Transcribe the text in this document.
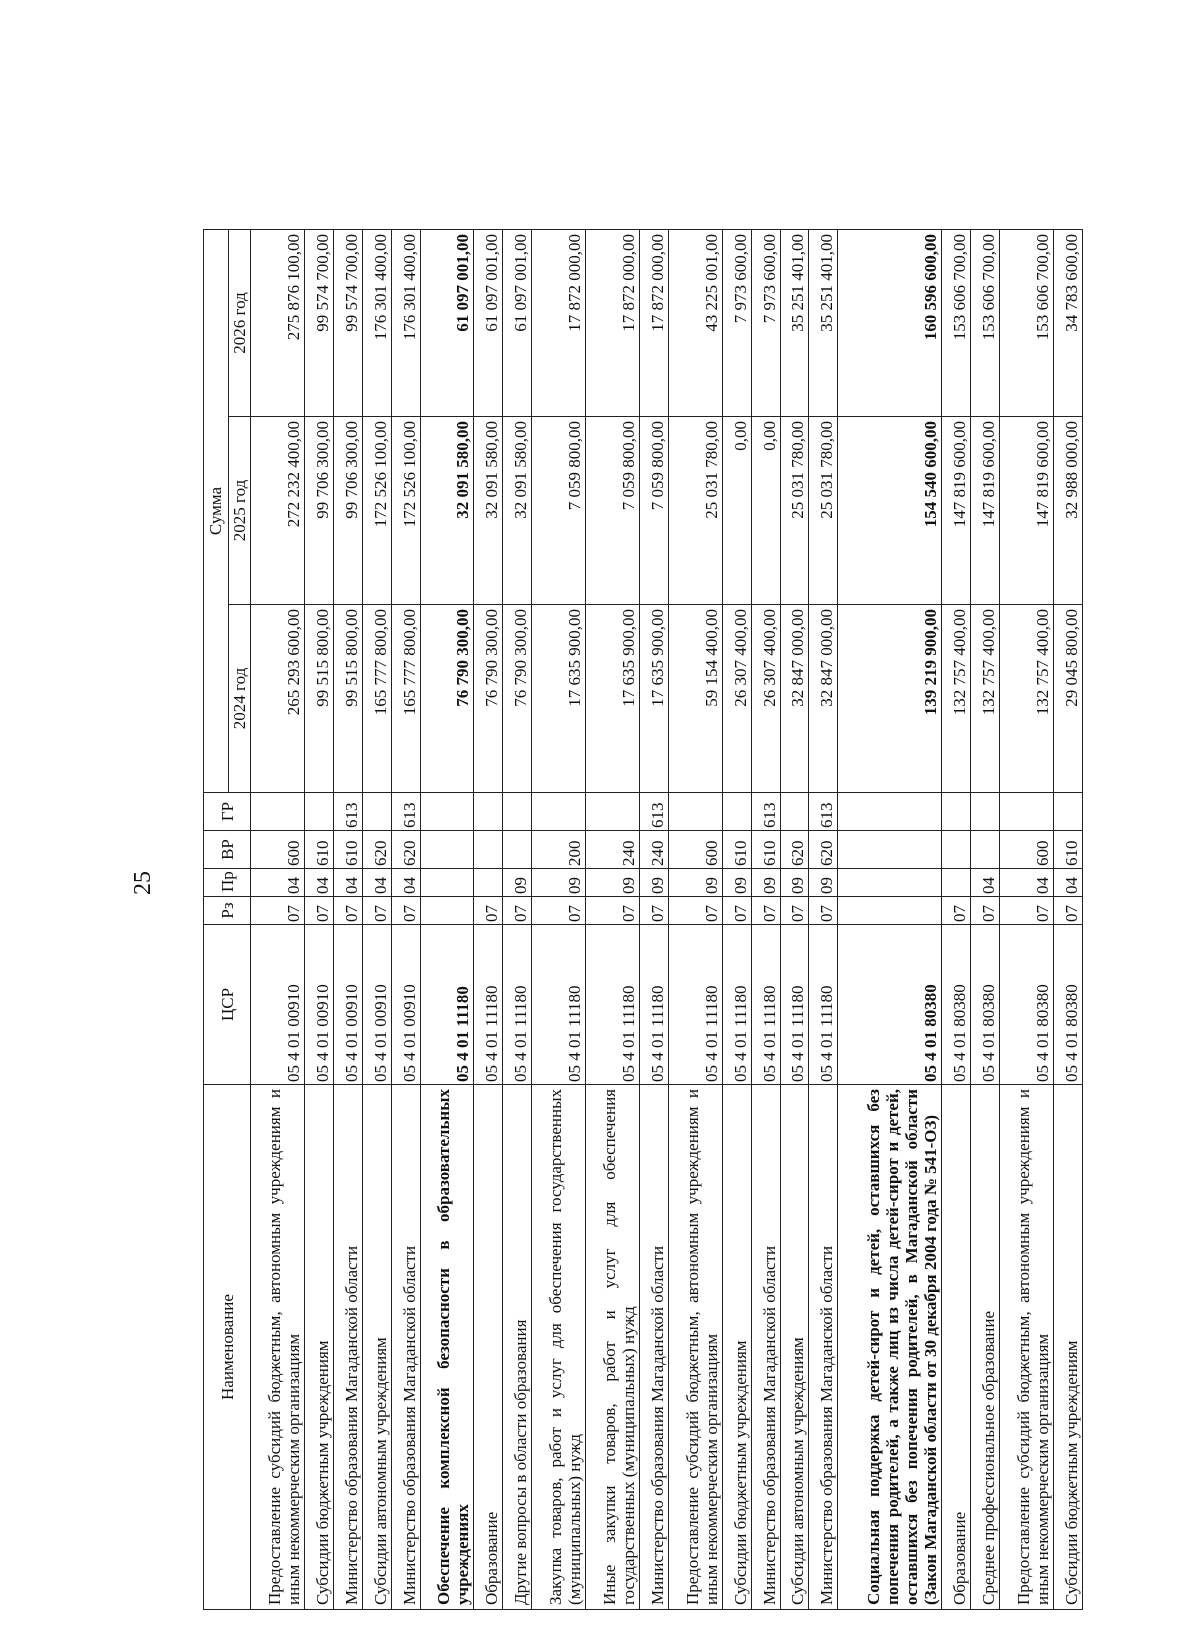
25
Наименование	ЦСР	Рз	Пр	ВР	ГР	Сумма		
						2024 год	2025 год	2026 год
Предоставление субсидий бюджетным, автономным учреждениям и иным некоммерческим организациям	05 4 01 00910	07	04	600		265 293 600,00	272 232 400,00	275 876 100,00
Субсидии бюджетным учреждениям	05 4 01 00910	07	04	610		99 515 800,00	99 706 300,00	99 574 700,00
Министерство образования Магаданской области	05 4 01 00910	07	04	610	613	99 515 800,00	99 706 300,00	99 574 700,00
Субсидии автономным учреждениям	05 4 01 00910	07	04	620		165 777 800,00	172 526 100,00	176 301 400,00
Министерство образования Магаданской области	05 4 01 00910	07	04	620	613	165 777 800,00	172 526 100,00	176 301 400,00
Обеспечение комплексной безопасности в образовательных учреждениях	05 4 01 11180					76 790 300,00	32 091 580,00	61 097 001,00
Образование	05 4 01 11180	07				76 790 300,00	32 091 580,00	61 097 001,00
Другие вопросы в области образования	05 4 01 11180	07	09			76 790 300,00	32 091 580,00	61 097 001,00
Закупка товаров, работ и услуг для обеспечения государственных (муниципальных) нужд	05 4 01 11180	07	09	200		17 635 900,00	7 059 800,00	17 872 000,00
Иные закупки товаров, работ и услуг для обеспечения государственных (муниципальных) нужд	05 4 01 11180	07	09	240		17 635 900,00	7 059 800,00	17 872 000,00
Министерство образования Магаданской области	05 4 01 11180	07	09	240	613	17 635 900,00	7 059 800,00	17 872 000,00
Предоставление субсидий бюджетным, автономным учреждениям и иным некоммерческим организациям	05 4 01 11180	07	09	600		59 154 400,00	25 031 780,00	43 225 001,00
Субсидии бюджетным учреждениям	05 4 01 11180	07	09	610		26 307 400,00	0,00	7 973 600,00
Министерство образования Магаданской области	05 4 01 11180	07	09	610	613	26 307 400,00	0,00	7 973 600,00
Субсидии автономным учреждениям	05 4 01 11180	07	09	620		32 847 000,00	25 031 780,00	35 251 401,00
Министерство образования Магаданской области	05 4 01 11180	07	09	620	613	32 847 000,00	25 031 780,00	35 251 401,00
Социальная поддержка детей-сирот и детей, оставшихся без попечения родителей, а также лиц из числа детей-сирот и детей, оставшихся без попечения родителей, в Магаданской области (Закон Магаданской области от 30 декабря 2004 года № 541-ОЗ)	05 4 01 80380					139 219 900,00	154 540 600,00	160 596 600,00
Образование	05 4 01 80380	07				132 757 400,00	147 819 600,00	153 606 700,00
Среднее профессиональное образование	05 4 01 80380	07	04			132 757 400,00	147 819 600,00	153 606 700,00
Предоставление субсидий бюджетным, автономным учреждениям и иным некоммерческим организациям	05 4 01 80380	07	04	600		132 757 400,00	147 819 600,00	153 606 700,00
Субсидии бюджетным учреждениям	05 4 01 80380	07	04	610		29 045 800,00	32 988 000,00	34 783 600,00
